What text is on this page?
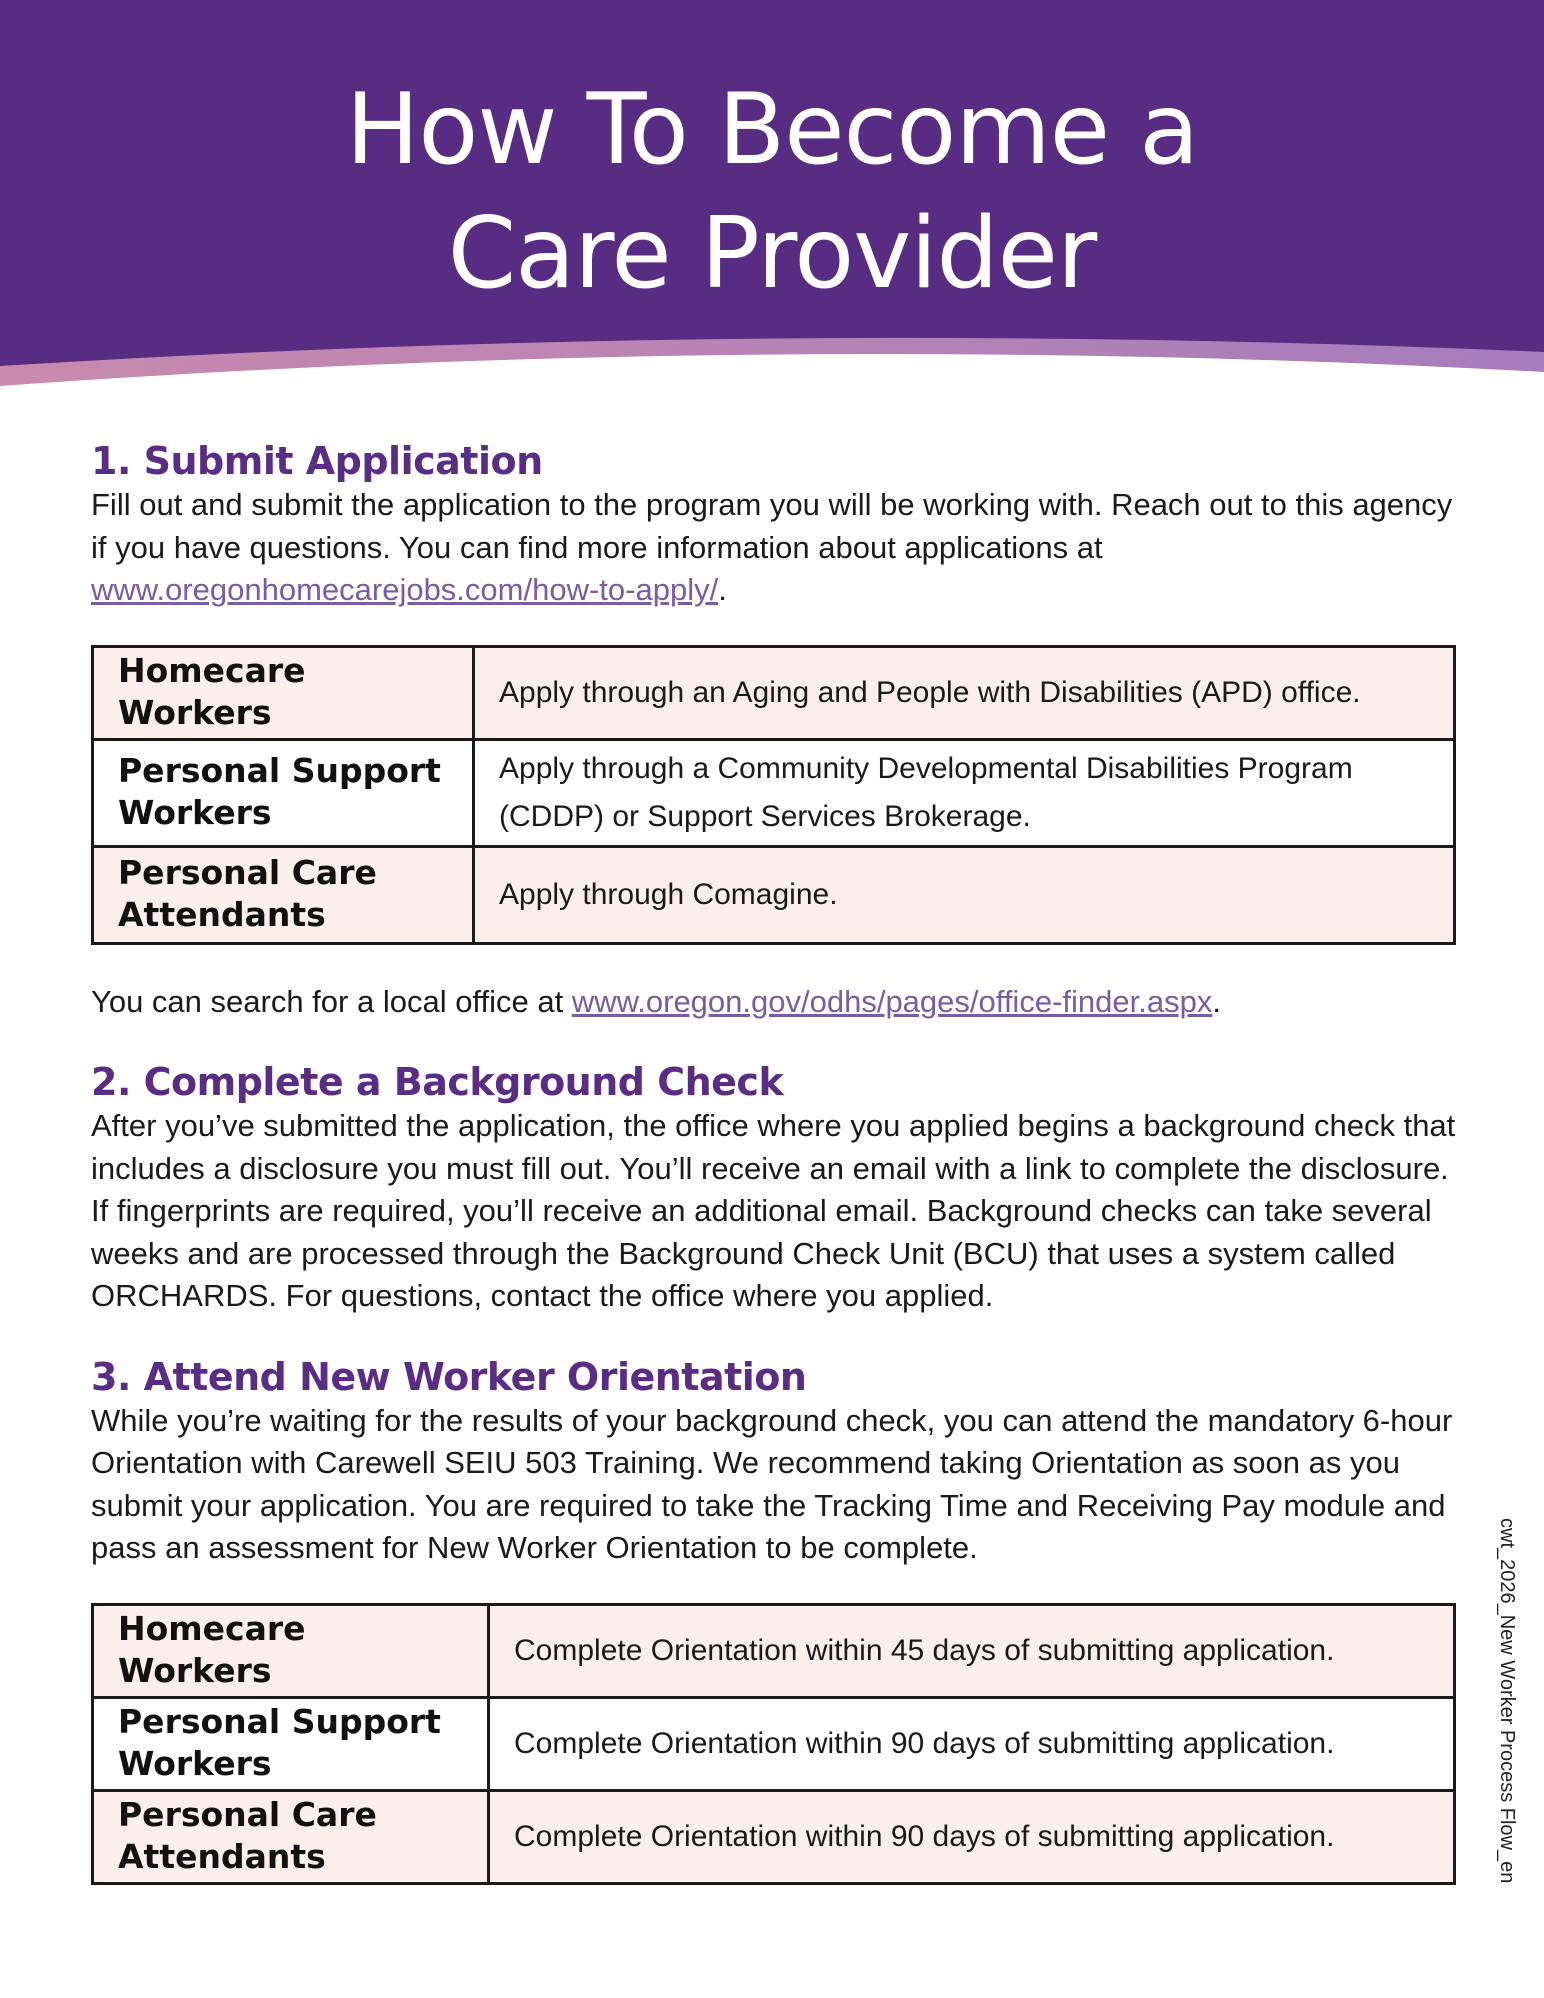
How To Become a
Care Provider
1. Submit Application

Fill out and submit the application to the program you will be working with. Reach out to this agency if you have questions. You can find more information about applications at www.oregonhomecarejobs.com/how-to-apply/.

Homecare Workers	Apply through an Aging and People with Disabilities (APD) office.
Personal Support Workers	Apply through a Community Developmental Disabilities Program (CDDP) or Support Services Brokerage.
Personal Care Attendants	Apply through Comagine.

You can search for a local office at www.oregon.gov/odhs/pages/office-finder.aspx.

2. Complete a Background Check

After you’ve submitted the application, the office where you applied begins a background check that includes a disclosure you must fill out. You’ll receive an email with a link to complete the disclosure. If fingerprints are required, you’ll receive an additional email. Background checks can take several weeks and are processed through the Background Check Unit (BCU) that uses a system called ORCHARDS. For questions, contact the office where you applied.

3. Attend New Worker Orientation

While you’re waiting for the results of your background check, you can attend the mandatory 6-hour Orientation with Carewell SEIU 503 Training. We recommend taking Orientation as soon as you submit your application. You are required to take the Tracking Time and Receiving Pay module and pass an assessment for New Worker Orientation to be complete.

Homecare Workers	Complete Orientation within 45 days of submitting application.
Personal Support Workers	Complete Orientation within 90 days of submitting application.
Personal Care Attendants	Complete Orientation within 90 days of submitting application.	cwt_2026_New Worker Process Flow_en
